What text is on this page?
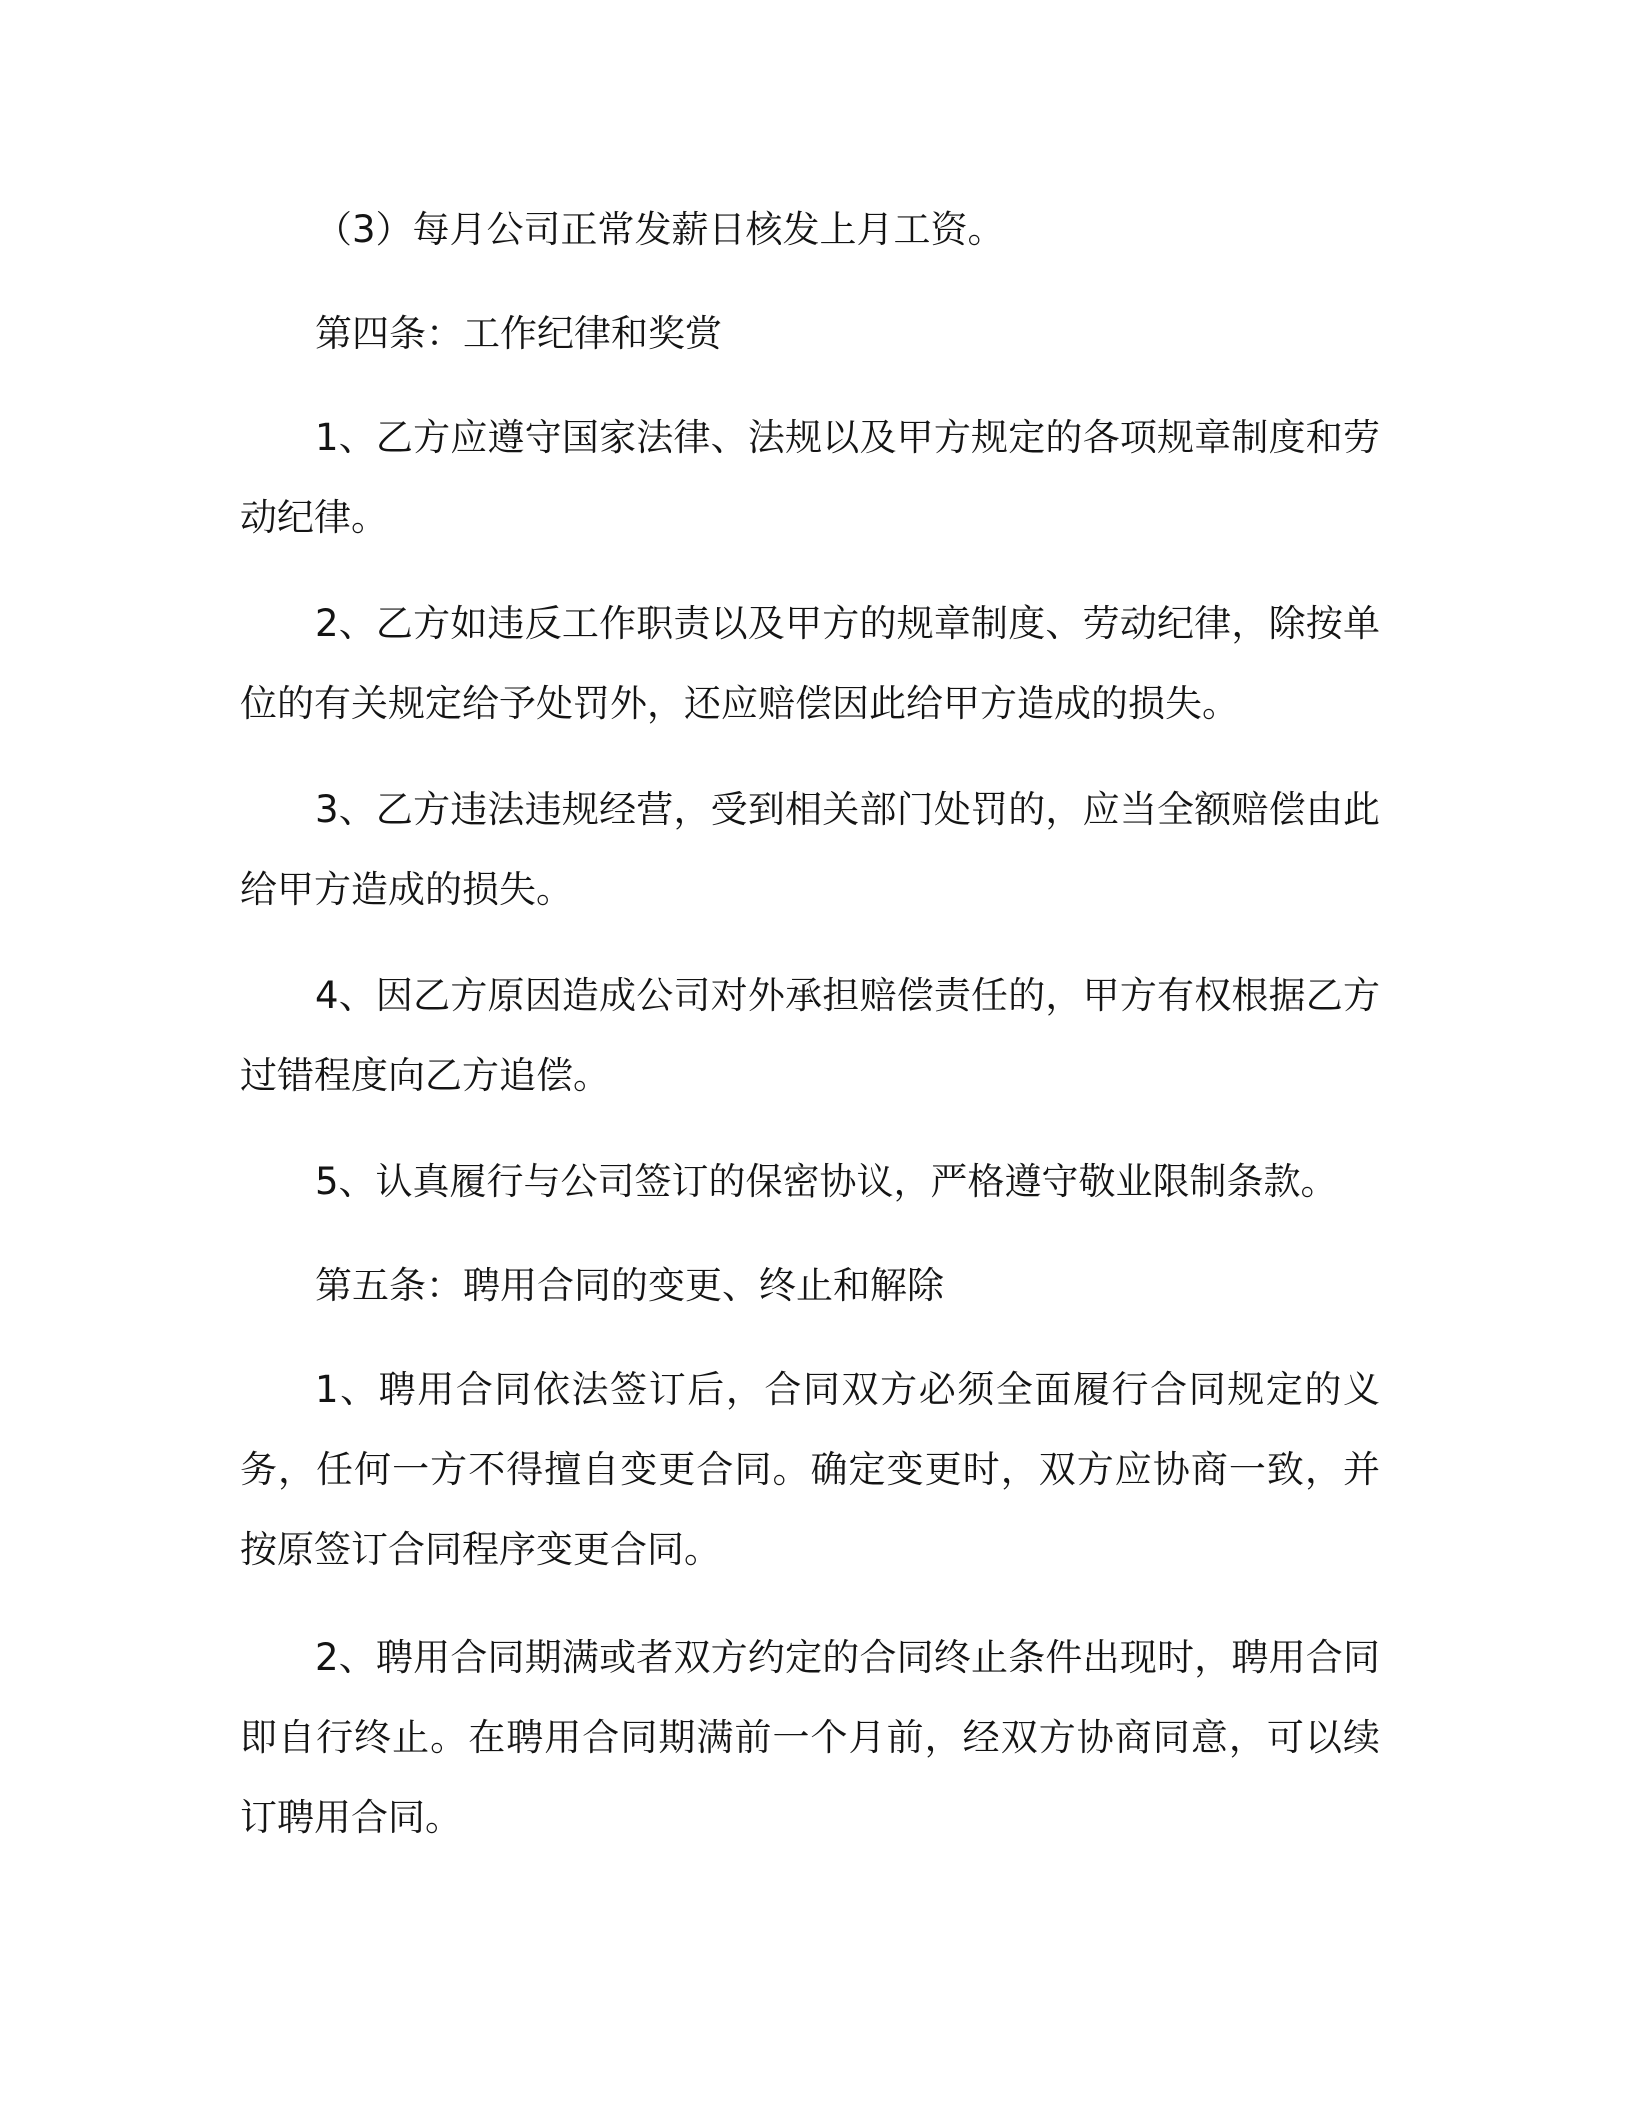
（3）每月公司正常发薪日核发上月工资。

第四条：工作纪律和奖赏

1、乙方应遵守国家法律、法规以及甲方规定的各项规章制度和劳动纪律。

2、乙方如违反工作职责以及甲方的规章制度、劳动纪律，除按单位的有关规定给予处罚外，还应赔偿因此给甲方造成的损失。

3、乙方违法违规经营，受到相关部门处罚的，应当全额赔偿由此给甲方造成的损失。

4、因乙方原因造成公司对外承担赔偿责任的，甲方有权根据乙方过错程度向乙方追偿。

5、认真履行与公司签订的保密协议，严格遵守敬业限制条款。

第五条：聘用合同的变更、终止和解除

1、聘用合同依法签订后，合同双方必须全面履行合同规定的义务，任何一方不得擅自变更合同。确定变更时，双方应协商一致，并按原签订合同程序变更合同。

2、聘用合同期满或者双方约定的合同终止条件出现时，聘用合同即自行终止。在聘用合同期满前一个月前，经双方协商同意，可以续订聘用合同。
